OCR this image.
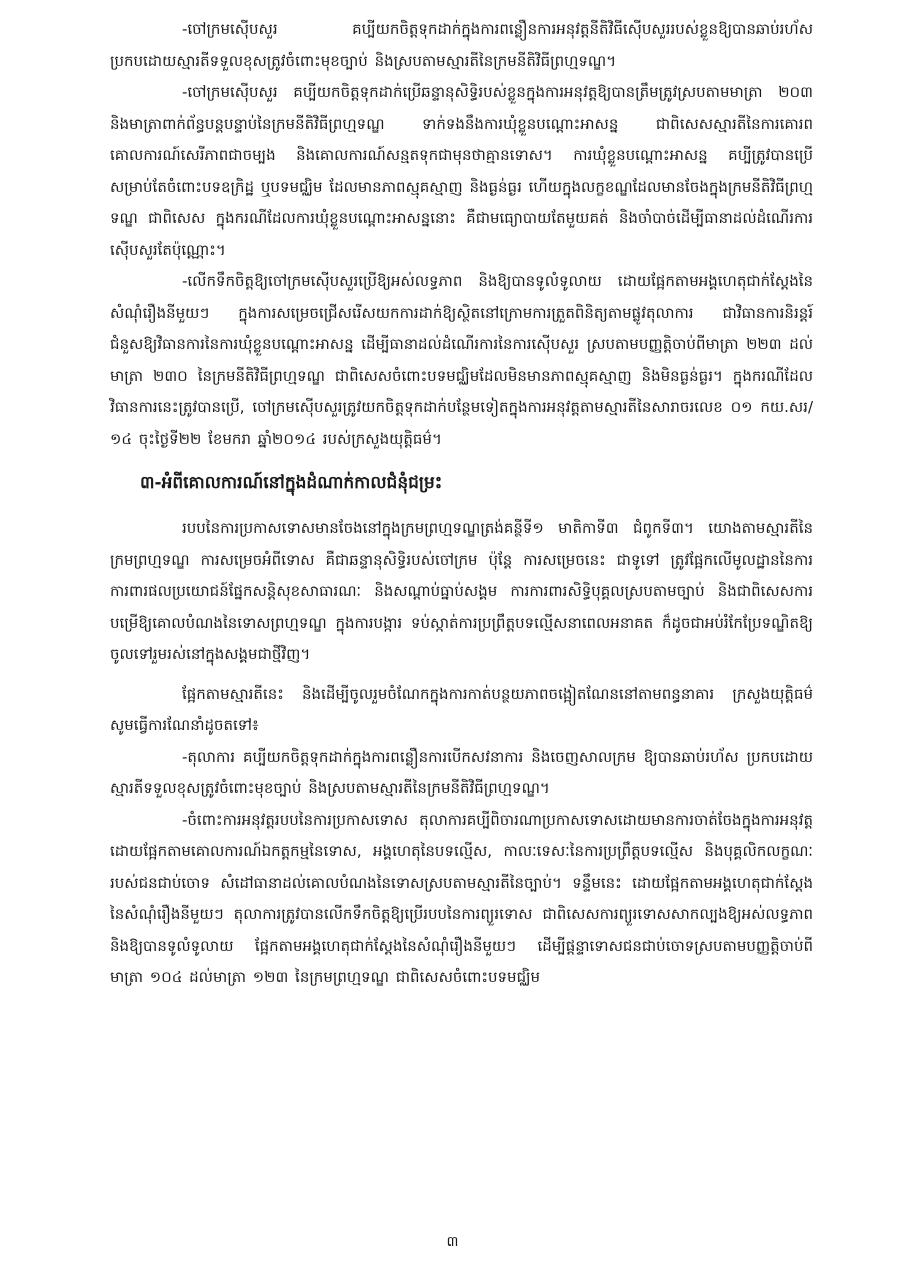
-ចៅក្រមស៊ើបសួរ គប្បីយកចិត្តទុកដាក់ក្នុងការពន្លឿនការអនុវត្តនីតិវិធីស៊ើបសួររបស់ខ្លួនឱ្យបានឆាប់រហ័ស ប្រកបដោយស្មារតីទទួលខុសត្រូវចំពោះមុខច្បាប់ និងស្របតាមស្មារតីនៃក្រមនីតិវិធីព្រហ្មទណ្ឌ។

-ចៅក្រមស៊ើបសួរ គប្បីយកចិត្តទុកដាក់ប្រើឆន្ទានុសិទ្ធិរបស់ខ្លួនក្នុងការអនុវត្តឱ្យបានត្រឹមត្រូវស្របតាមមាត្រា ២០៣ និងមាត្រាពាក់ព័ន្ធបន្តបន្ទាប់នៃក្រមនីតិវិធីព្រហ្មទណ្ឌ ទាក់ទងនឹងការឃុំខ្លួនបណ្តោះអាសន្ន ជាពិសេសស្មារតីនៃការគោរពគោលការណ៍សេរីភាពជាចម្បង និងគោលការណ៍សន្មតទុកជាមុនថាគ្មានទោស។ ការឃុំខ្លួនបណ្តោះអាសន្ន គប្បីត្រូវបានប្រើសម្រាប់តែចំពោះបទឧក្រិដ្ឋ ឬបទមជ្ឈិម ដែលមានភាពស្មុគស្មាញ និងធ្ងន់ធ្ងរ ហើយក្នុងលក្ខខណ្ឌដែលមានចែងក្នុងក្រមនីតិវិធីព្រហ្មទណ្ឌ ជាពិសេស ក្នុងករណីដែលការឃុំខ្លួនបណ្តោះអាសន្ននោះ គឺជាមធ្យោបាយតែមួយគត់ និងចាំបាច់ដើម្បីធានាដល់ដំណើរការស៊ើបសួរតែប៉ុណ្ណោះ។

-លើកទឹកចិត្តឱ្យចៅក្រមស៊ើបសួរប្រើឱ្យអស់លទ្ធភាព និងឱ្យបានទូលំទូលាយ ដោយផ្អែកតាមអង្គហេតុជាក់ស្តែងនៃសំណុំរឿងនីមួយៗ ក្នុងការសម្រេចជ្រើសរើសយកការដាក់ឱ្យស្ថិតនៅក្រោមការត្រួតពិនិត្យតាមផ្លូវតុលាការ ជាវិធានការនិរន្តរ៍ ជំនួសឱ្យវិធានការនៃការឃុំខ្លួនបណ្តោះអាសន្ន ដើម្បីធានាដល់ដំណើរការនៃការស៊ើបសួរ ស្របតាមបញ្ញត្តិចាប់ពីមាត្រា ២២៣ ដល់មាត្រា ២៣០ នៃក្រមនីតិវិធីព្រហ្មទណ្ឌ ជាពិសេសចំពោះបទមជ្ឈិមដែលមិនមានភាពស្មុគស្មាញ និងមិនធ្ងន់ធ្ងរ។ ក្នុងករណីដែលវិធានការនេះត្រូវបានប្រើ, ចៅក្រមស៊ើបសួរត្រូវយកចិត្តទុកដាក់បន្ថែមទៀតក្នុងការអនុវត្តតាមស្មារតីនៃសារាចរលេខ ០១ កយ.សរ/១៤ ចុះថ្ងៃទី២២ ខែមករា ឆ្នាំ២០១៤ របស់ក្រសួងយុត្តិធម៌។

៣-អំពីគោលការណ៍នៅក្នុងដំណាក់កាលជំនុំជម្រះ

របបនៃការប្រកាសទោសមានចែងនៅក្នុងក្រមព្រហ្មទណ្ឌត្រង់គន្ថីទី១ មាតិកាទី៣ ជំពូកទី៣។ យោងតាមស្មារតីនៃក្រមព្រហ្មទណ្ឌ ការសម្រេចអំពីទោស គឺជាឆន្ទានុសិទ្ធិរបស់ចៅក្រម ប៉ុន្តែ ការសម្រេចនេះ ជាទូទៅ ត្រូវផ្អែកលើមូលដ្ឋាននៃការការពារផលប្រយោជន៍ផ្នែកសន្តិសុខសាធារណៈ និងសណ្តាប់ធ្នាប់សង្គម ការការពារសិទ្ធិបុគ្គលស្របតាមច្បាប់ និងជាពិសេសការបម្រើឱ្យគោលបំណងនៃទោសព្រហ្មទណ្ឌ ក្នុងការបង្ការ ទប់ស្កាត់ការប្រព្រឹត្តបទល្មើសនាពេលអនាគត ក៏ដូចជាអប់រំកែប្រែទណ្ឌិតឱ្យចូលទៅរួមរស់នៅក្នុងសង្គមជាថ្មីវិញ។

ផ្អែកតាមស្មារតីនេះ និងដើម្បីចូលរួមចំណែកក្នុងការកាត់បន្ថយភាពចង្អៀតណែននៅតាមពន្ធនាគារ ក្រសួងយុត្តិធម៌សូមធ្វើការណែនាំដូចតទៅ៖

-តុលាការ គប្បីយកចិត្តទុកដាក់ក្នុងការពន្លឿនការបើកសវនាការ និងចេញសាលក្រម ឱ្យបានឆាប់រហ័ស ប្រកបដោយស្មារតីទទួលខុសត្រូវចំពោះមុខច្បាប់ និងស្របតាមស្មារតីនៃក្រមនីតិវិធីព្រហ្មទណ្ឌ។

-ចំពោះការអនុវត្តរបបនៃការប្រកាសទោស តុលាការគប្បីពិចារណាប្រកាសទោសដោយមានការចាត់ចែងក្នុងការអនុវត្ត ដោយផ្អែកតាមគោលការណ៍ឯកត្តកម្មនៃទោស, អង្គហេតុនៃបទល្មើស, កាលៈទេសៈនៃការប្រព្រឹត្តបទល្មើស និងបុគ្គលិកលក្ខណៈរបស់ជនជាប់ចោទ សំដៅធានាដល់គោលបំណងនៃទោសស្របតាមស្មារតីនៃច្បាប់។ ទន្ទឹមនេះ ដោយផ្អែកតាមអង្គហេតុជាក់ស្តែងនៃសំណុំរឿងនីមួយៗ តុលាការត្រូវបានលើកទឹកចិត្តឱ្យប្រើរបបនៃការព្យួរទោស ជាពិសេសការព្យួរទោសសាកល្បងឱ្យអស់លទ្ធភាព និងឱ្យបានទូលំទូលាយ ផ្អែកតាមអង្គហេតុជាក់ស្តែងនៃសំណុំរឿងនីមួយៗ ដើម្បីផ្តន្ទាទោសជនជាប់ចោទស្របតាមបញ្ញត្តិចាប់ពីមាត្រា ១០៤ ដល់មាត្រា ១២៣ នៃក្រមព្រហ្មទណ្ឌ ជាពិសេសចំពោះបទមជ្ឈិម

៣
